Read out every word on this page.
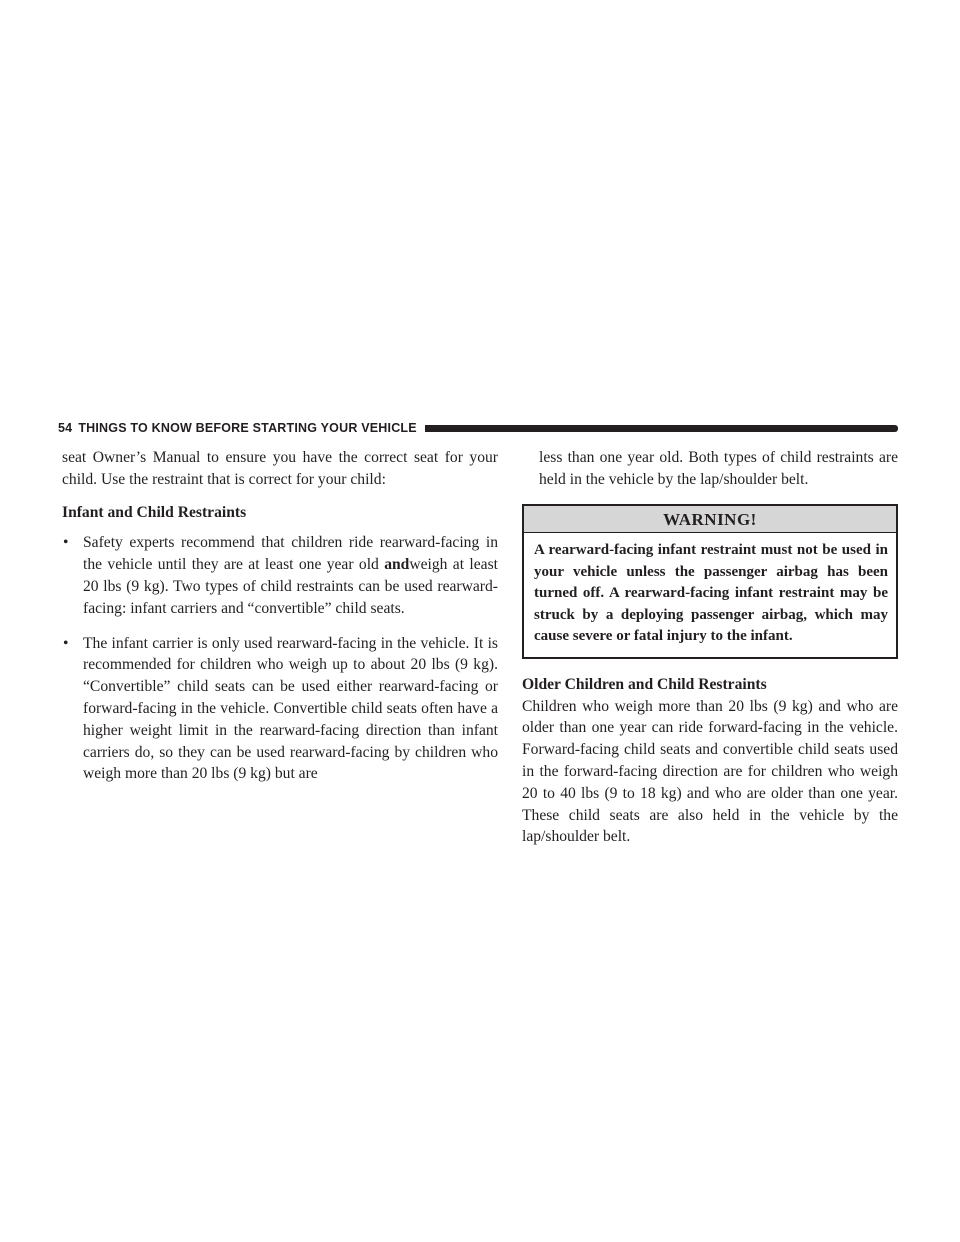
54 THINGS TO KNOW BEFORE STARTING YOUR VEHICLE

seat Owner’s Manual to ensure you have the correct seat for your child. Use the restraint that is correct for your child:

Infant and Child Restraints

• Safety experts recommend that children ride rearward-facing in the vehicle until they are at least one year old andweigh at least 20 lbs (9 kg). Two types of child restraints can be used rearward-facing: infant carriers and “convertible” child seats.

• The infant carrier is only used rearward-facing in the vehicle. It is recommended for children who weigh up to about 20 lbs (9 kg). “Convertible” child seats can be used either rearward-facing or forward-facing in the vehicle. Convertible child seats often have a higher weight limit in the rearward-facing direction than infant carriers do, so they can be used rearward-facing by children who weigh more than 20 lbs (9 kg) but are

less than one year old. Both types of child restraints are held in the vehicle by the lap/shoulder belt.

WARNING!
A rearward-facing infant restraint must not be used in your vehicle unless the passenger airbag has been turned off. A rearward-facing infant restraint may be struck by a deploying passenger airbag, which may cause severe or fatal injury to the infant.

Older Children and Child Restraints

Children who weigh more than 20 lbs (9 kg) and who are older than one year can ride forward-facing in the vehicle. Forward-facing child seats and convertible child seats used in the forward-facing direction are for children who weigh 20 to 40 lbs (9 to 18 kg) and who are older than one year. These child seats are also held in the vehicle by the lap/shoulder belt.
